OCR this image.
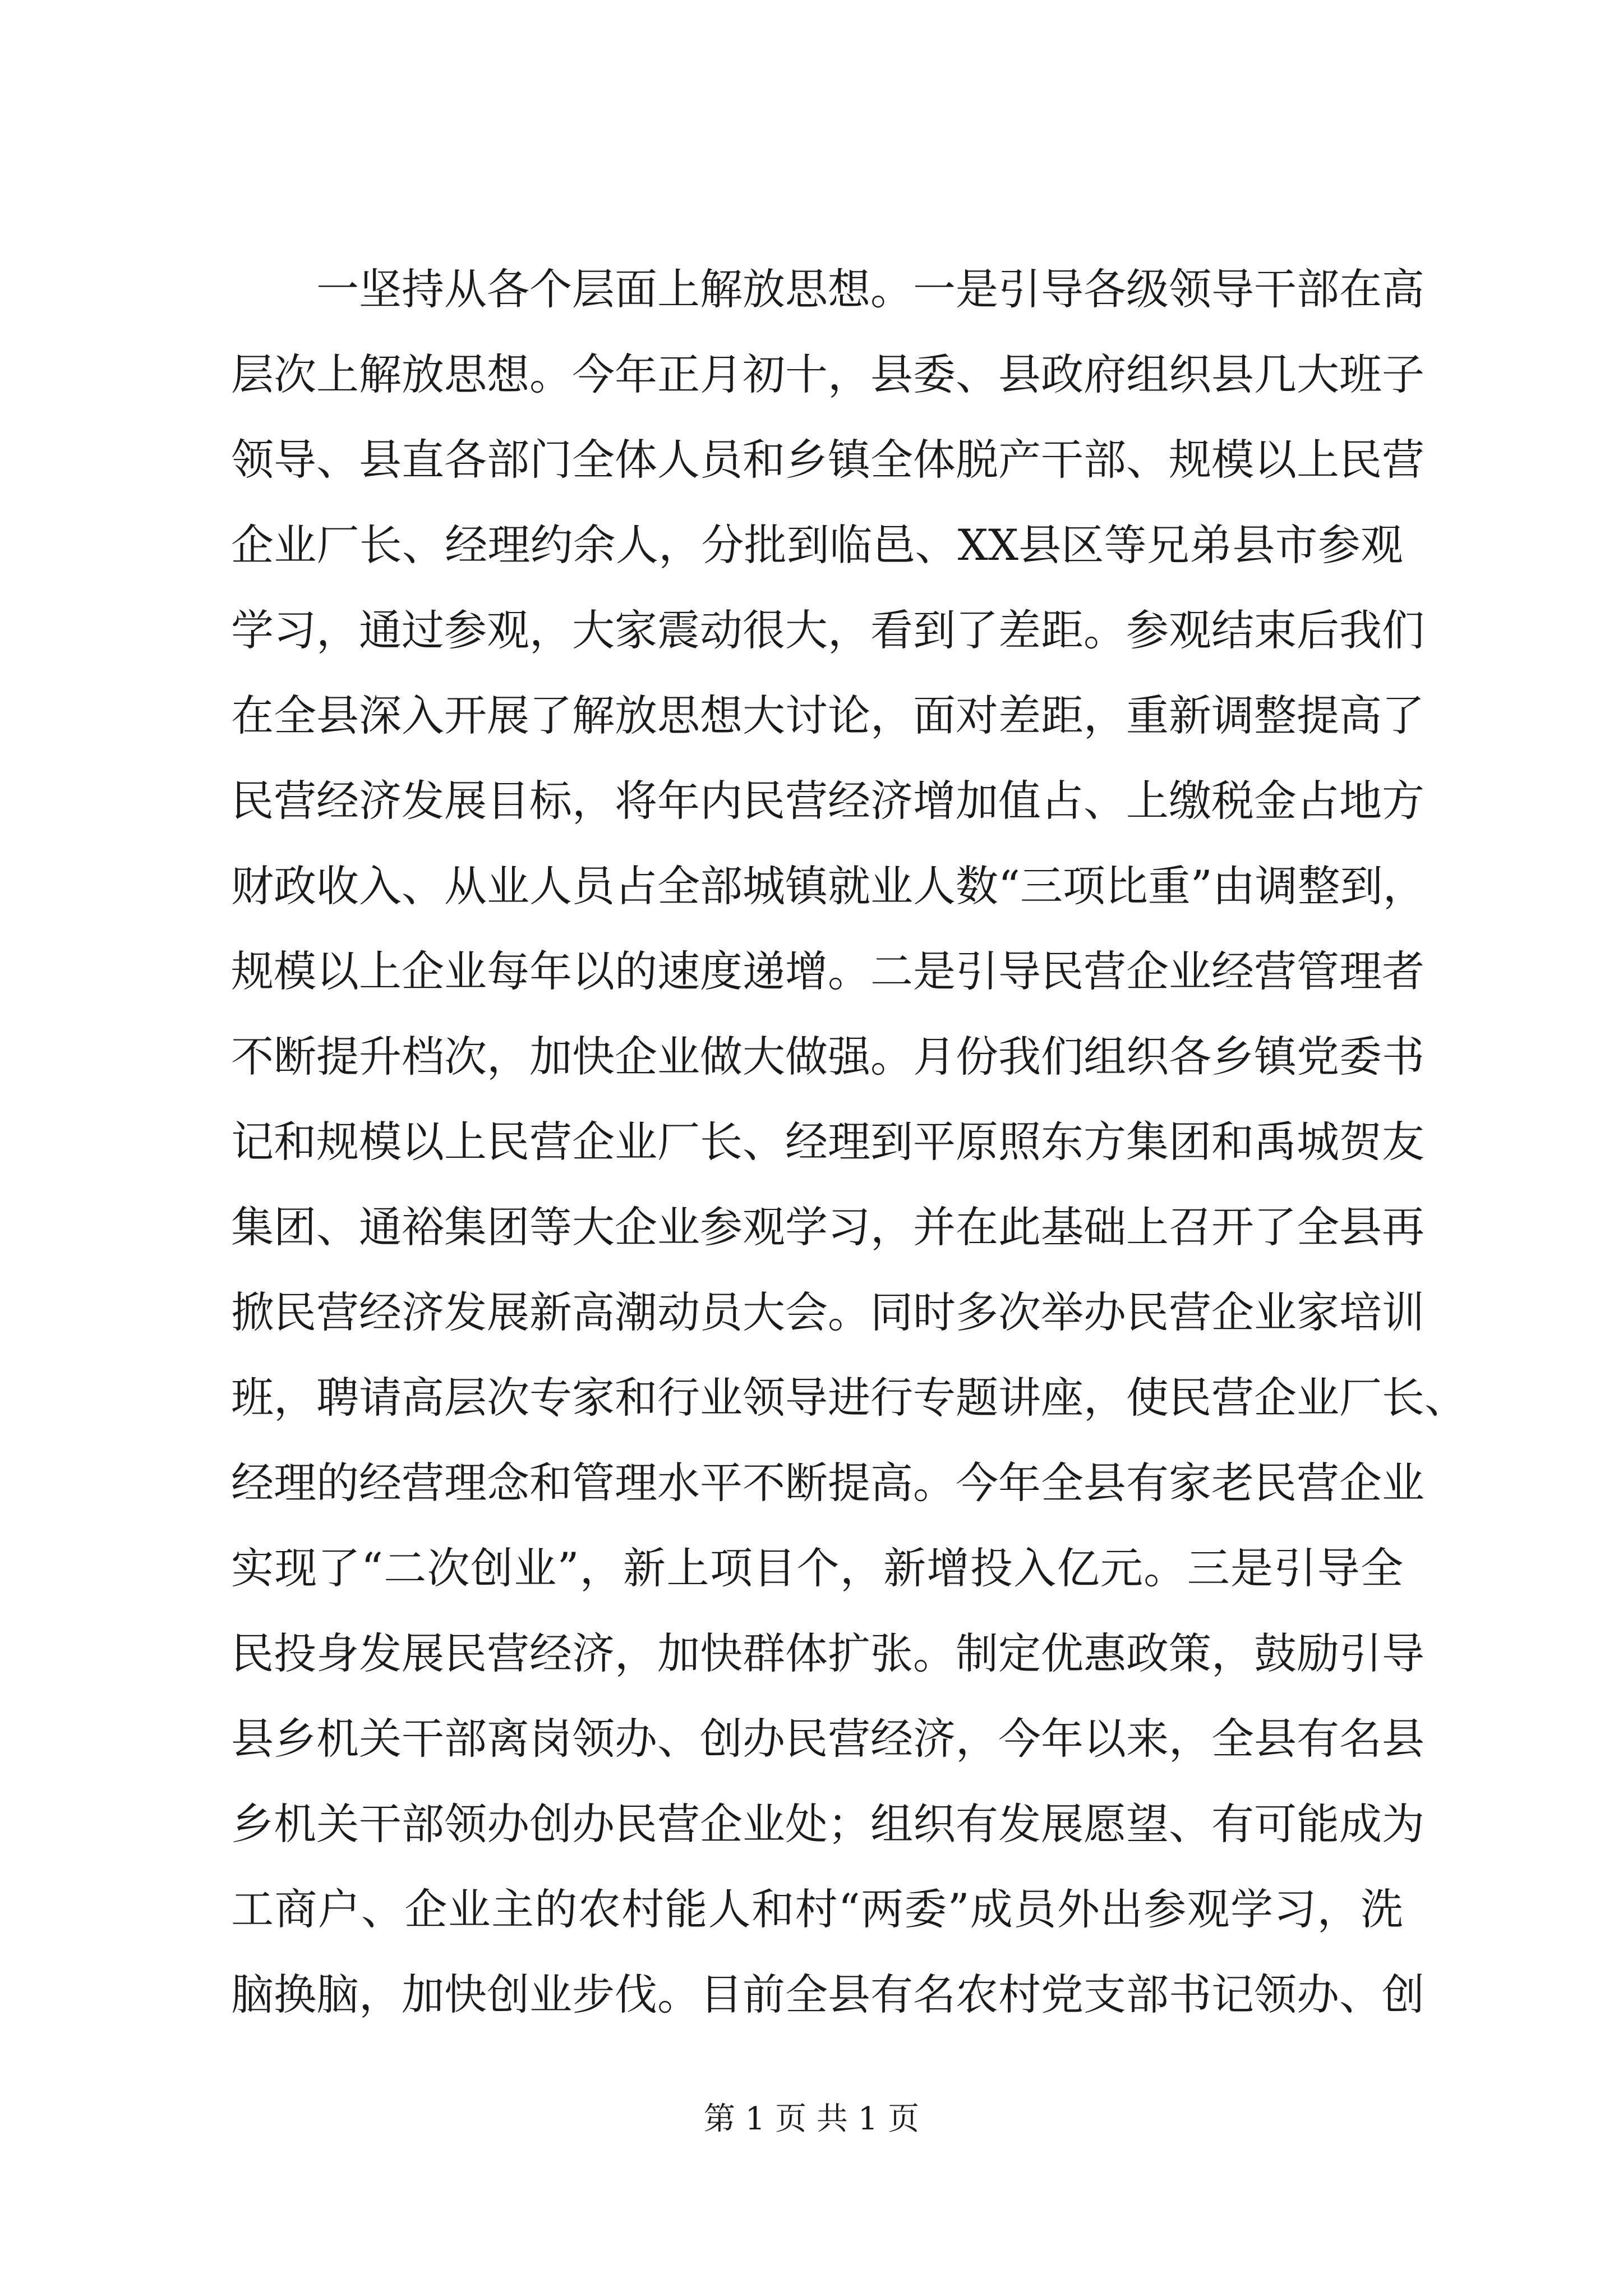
一坚持从各个层面上解放思想。一是引导各级领导干部在高
层次上解放思想。今年正月初十，县委、县政府组织县几大班子
领导、县直各部门全体人员和乡镇全体脱产干部、规模以上民营
企业厂长、经理约余人，分批到临邑、XX县区等兄弟县市参观
学习，通过参观，大家震动很大，看到了差距。参观结束后我们
在全县深入开展了解放思想大讨论，面对差距，重新调整提高了
民营经济发展目标，将年内民营经济增加值占、上缴税金占地方
财政收入、从业人员占全部城镇就业人数“三项比重”由调整到，
规模以上企业每年以的速度递增。二是引导民营企业经营管理者
不断提升档次，加快企业做大做强。月份我们组织各乡镇党委书
记和规模以上民营企业厂长、经理到平原照东方集团和禹城贺友
集团、通裕集团等大企业参观学习，并在此基础上召开了全县再
掀民营经济发展新高潮动员大会。同时多次举办民营企业家培训
班，聘请高层次专家和行业领导进行专题讲座，使民营企业厂长、
经理的经营理念和管理水平不断提高。今年全县有家老民营企业
实现了“二次创业”，新上项目个，新增投入亿元。三是引导全
民投身发展民营经济，加快群体扩张。制定优惠政策，鼓励引导
县乡机关干部离岗领办、创办民营经济，今年以来，全县有名县
乡机关干部领办创办民营企业处；组织有发展愿望、有可能成为
工商户、企业主的农村能人和村“两委”成员外出参观学习，洗
脑换脑，加快创业步伐。目前全县有名农村党支部书记领办、创
第 1 页 共 1 页
